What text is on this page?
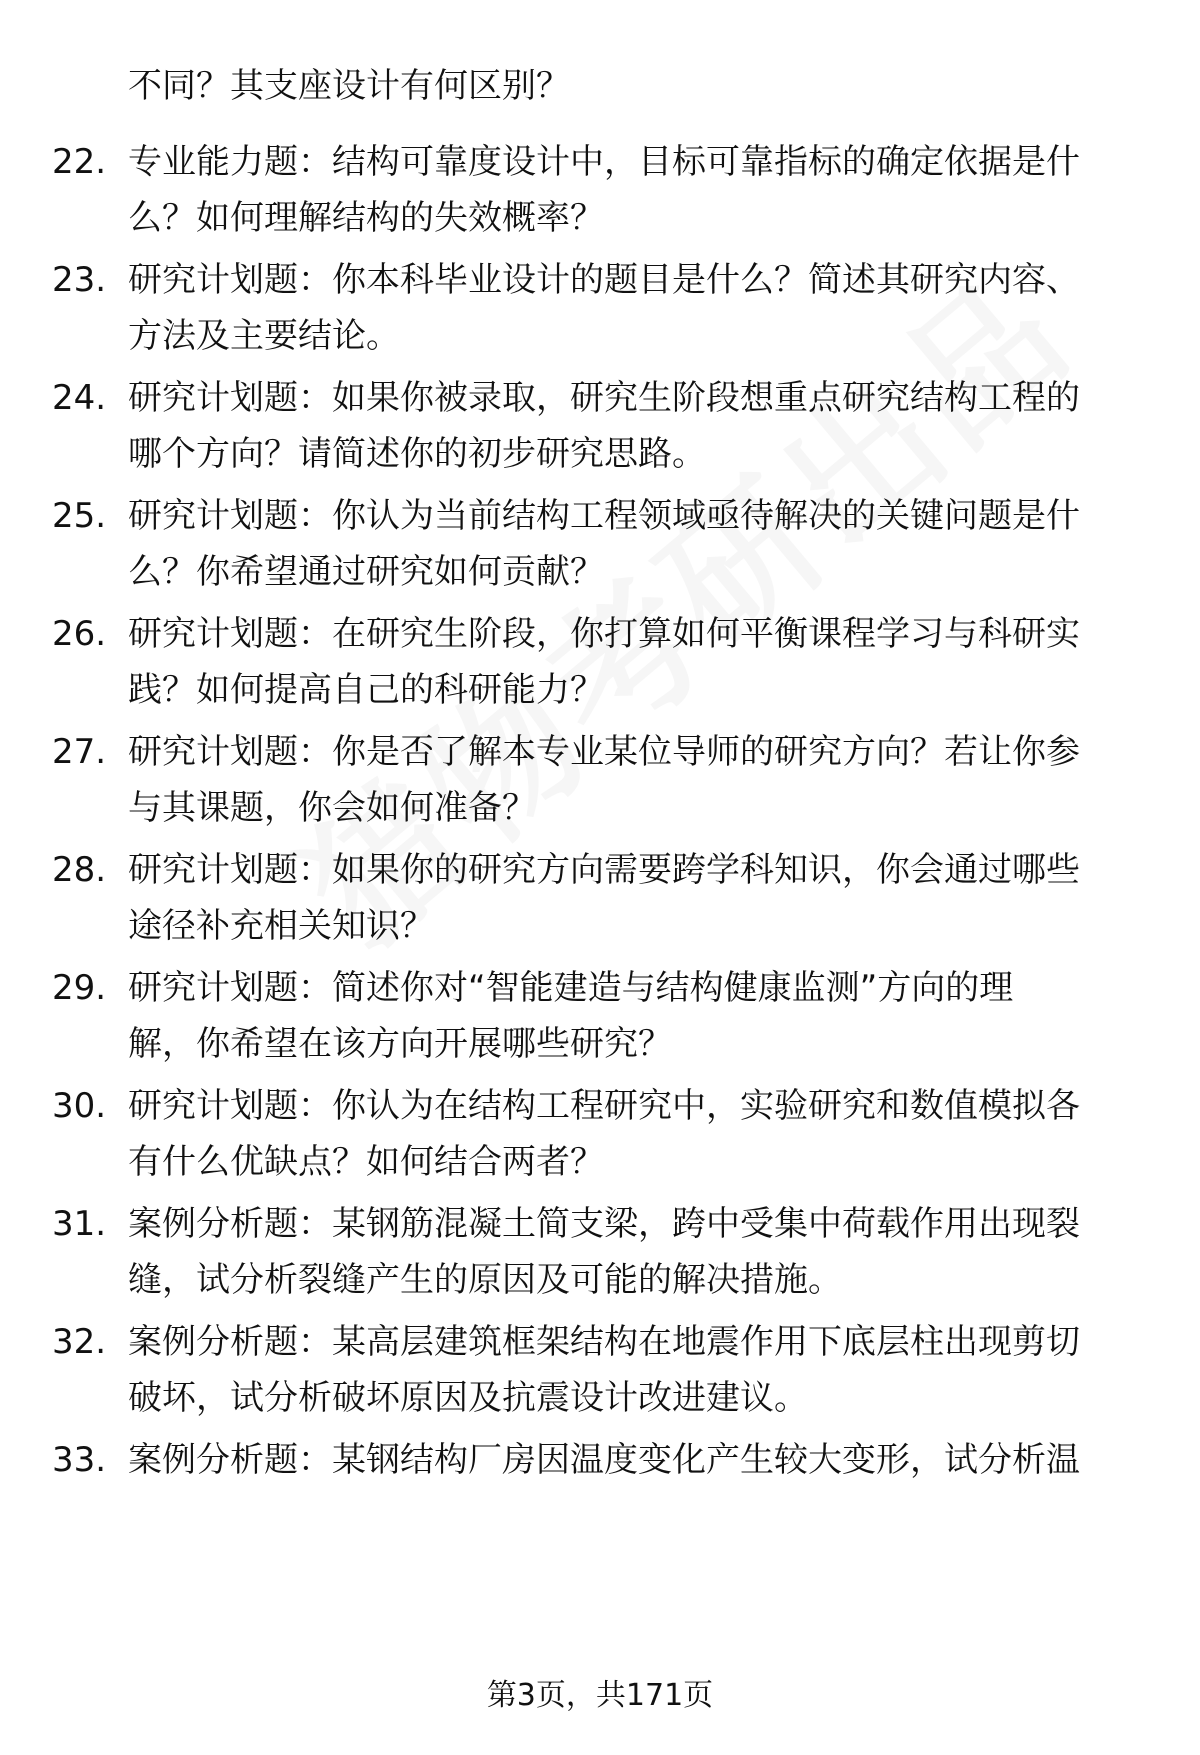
不同？其支座设计有何区别？
22. 专业能力题：结构可靠度设计中，目标可靠指标的确定依据是什
么？如何理解结构的失效概率？
23. 研究计划题：你本科毕业设计的题目是什么？简述其研究内容、
方法及主要结论。
24. 研究计划题：如果你被录取，研究生阶段想重点研究结构工程的
哪个方向？请简述你的初步研究思路。
25. 研究计划题：你认为当前结构工程领域亟待解决的关键问题是什
么？你希望通过研究如何贡献？
26. 研究计划题：在研究生阶段，你打算如何平衡课程学习与科研实
践？如何提高自己的科研能力？
27. 研究计划题：你是否了解本专业某位导师的研究方向？若让你参
与其课题，你会如何准备？
28. 研究计划题：如果你的研究方向需要跨学科知识，你会通过哪些
途径补充相关知识？
29. 研究计划题：简述你对“智能建造与结构健康监测”方向的理
解，你希望在该方向开展哪些研究？
30. 研究计划题：你认为在结构工程研究中，实验研究和数值模拟各
有什么优缺点？如何结合两者？
31. 案例分析题：某钢筋混凝土简支梁，跨中受集中荷载作用出现裂
缝，试分析裂缝产生的原因及可能的解决措施。
32. 案例分析题：某高层建筑框架结构在地震作用下底层柱出现剪切
破坏，试分析破坏原因及抗震设计改进建议。
33. 案例分析题：某钢结构厂房因温度变化产生较大变形，试分析温
第3页，共171页
